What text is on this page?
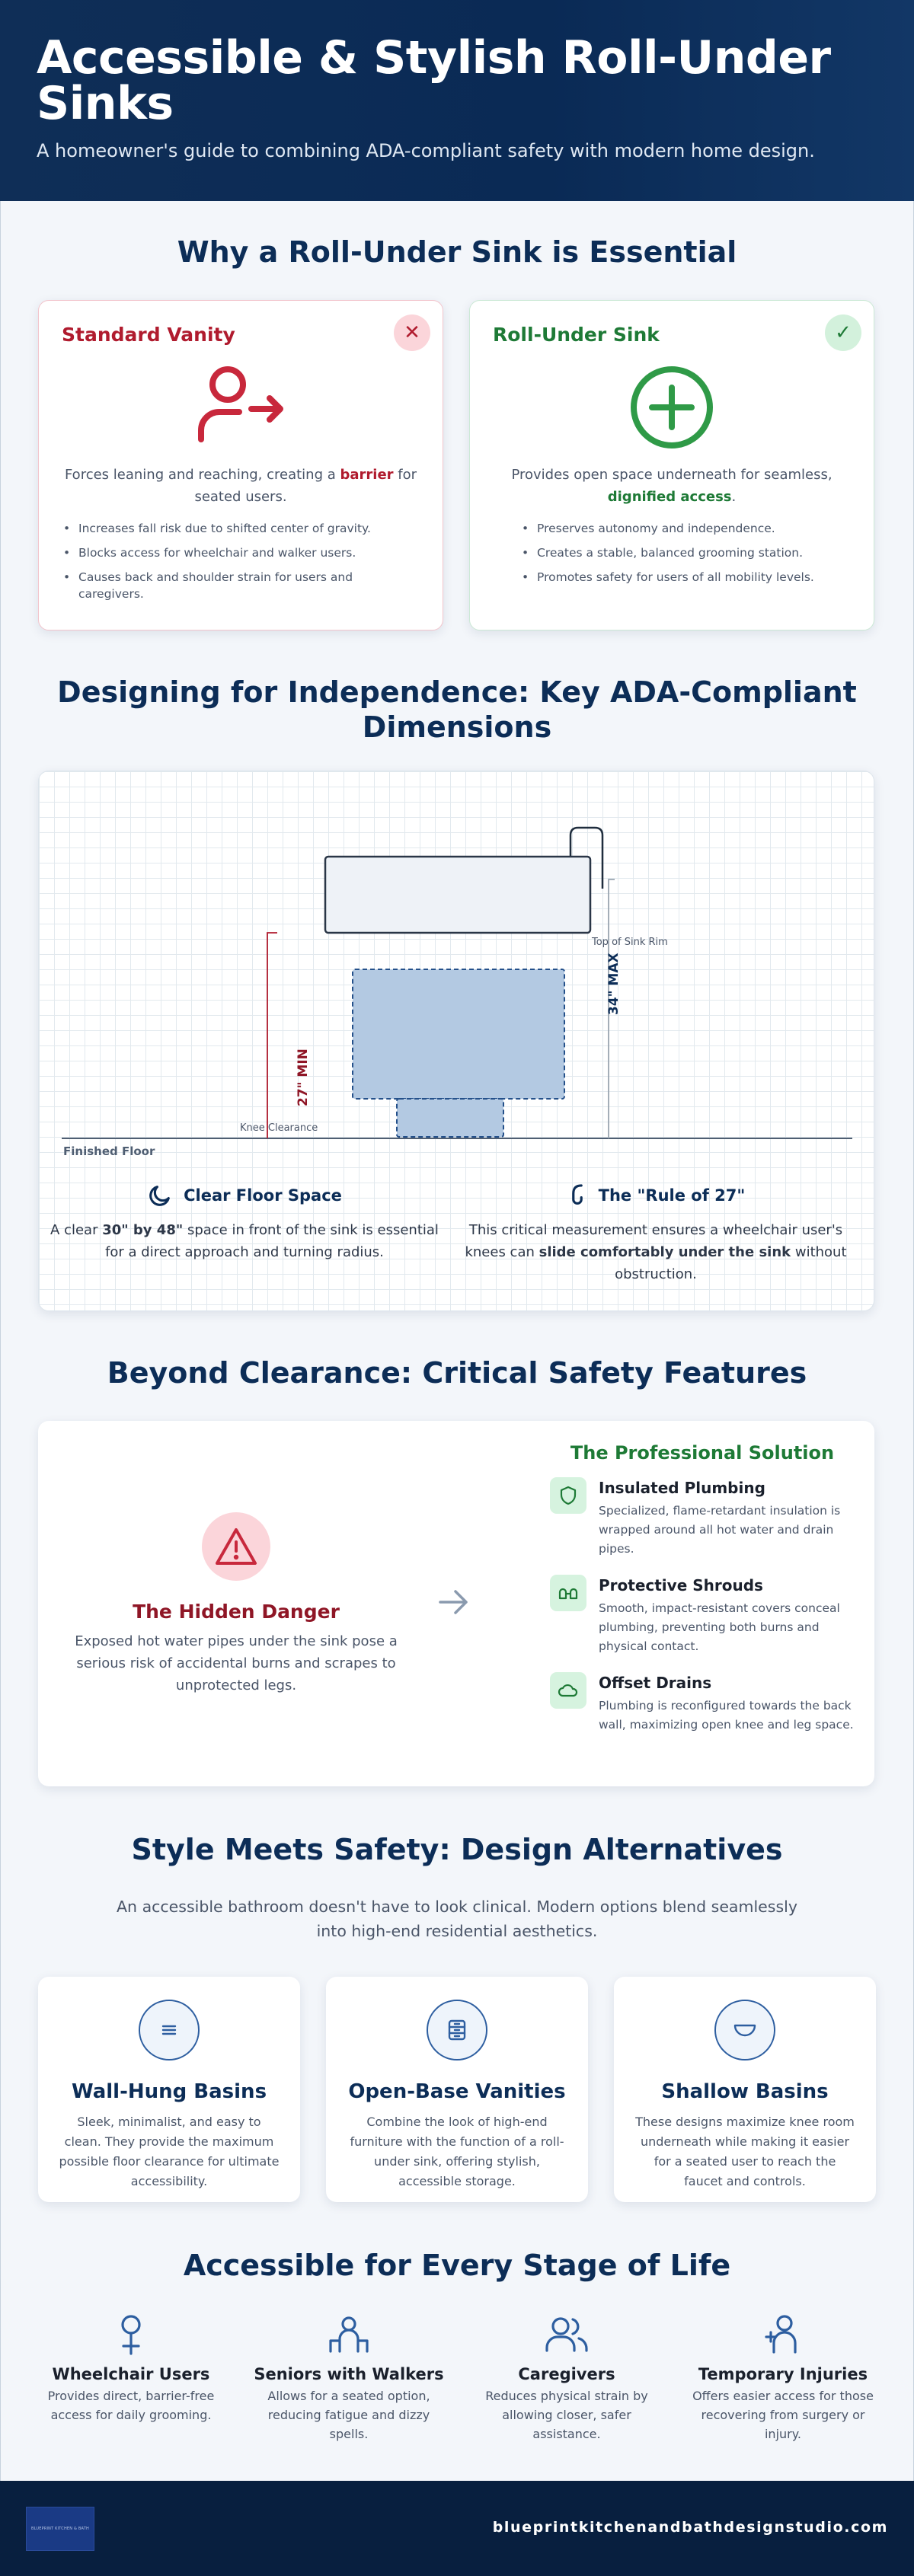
Accessible & Stylish Roll-Under Sinks

A homeowner's guide to combining ADA-compliant safety with modern home design.

Why a Roll-Under Sink is Essential
Standard Vanity	✕
Forces leaning and reaching, creating a barrier for seated users.
• Increases fall risk due to shifted center of gravity.
• Blocks access for wheelchair and walker users.
• Causes back and shoulder strain for users and caregivers.
Roll-Under Sink	✓
Provides open space underneath for seamless, dignified access.
• Preserves autonomy and independence.
• Creates a stable, balanced grooming station.
• Promotes safety for users of all mobility levels.
Designing for Independence: Key ADA-Compliant Dimensions
Top of Sink Rim
34" MAX
27" MIN
Knee Clearance
Finished Floor
Clear Floor Space

A clear 30" by 48" space in front of the sink is essential for a direct approach and turning radius.

The "Rule of 27"

This critical measurement ensures a wheelchair user's knees can slide comfortably under the sink without obstruction.

Beyond Clearance: Critical Safety Features
The Hidden Danger

Exposed hot water pipes under the sink pose a serious risk of accidental burns and scrapes to unprotected legs.

The Professional Solution
Insulated Plumbing

Specialized, flame-retardant insulation is wrapped around all hot water and drain pipes.

Protective Shrouds

Smooth, impact-resistant covers conceal plumbing, preventing both burns and physical contact.

Offset Drains

Plumbing is reconfigured towards the back wall, maximizing open knee and leg space.

Style Meets Safety: Design Alternatives

An accessible bathroom doesn't have to look clinical. Modern options blend seamlessly into high-end residential aesthetics.

Wall-Hung Basins

Sleek, minimalist, and easy to clean. They provide the maximum possible floor clearance for ultimate accessibility.

Open-Base Vanities

Combine the look of high-end furniture with the function of a roll-under sink, offering stylish, accessible storage.

Shallow Basins

These designs maximize knee room underneath while making it easier for a seated user to reach the faucet and controls.

Accessible for Every Stage of Life
Wheelchair Users

Provides direct, barrier-free access for daily grooming.

Seniors with Walkers

Allows for a seated option, reducing fatigue and dizzy spells.

Caregivers

Reduces physical strain by allowing closer, safer assistance.

Temporary Injuries

Offers easier access for those recovering from surgery or injury.

BLUEPRINT KITCHEN & BATH	blueprintkitchenandbathdesignstudio.com
